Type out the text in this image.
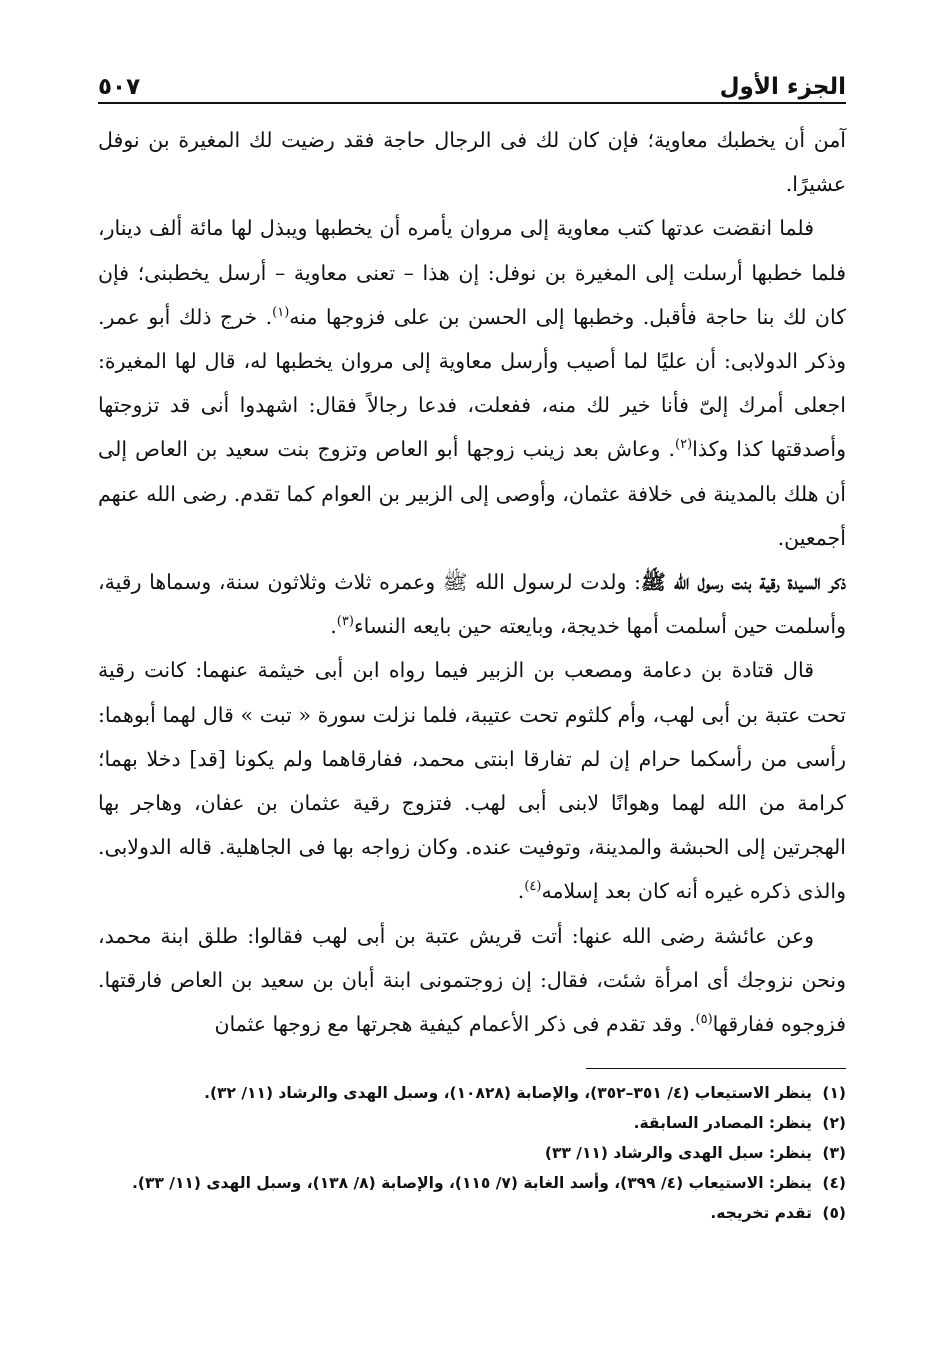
الجزء الأول
٥٠٧

آمن أن يخطبك معاوية؛ فإن كان لك فى الرجال حاجة فقد رضيت لك المغيرة بن نوفل عشيرًا.

فلما انقضت عدتها كتب معاوية إلى مروان يأمره أن يخطبها ويبذل لها مائة ألف دينار، فلما خطبها أرسلت إلى المغيرة بن نوفل: إن هذا – تعنى معاوية – أرسل يخطبنى؛ فإن كان لك بنا حاجة فأقبل. وخطبها إلى الحسن بن على فزوجها منه$^{(١)}$. خرج ذلك أبو عمر. وذكر الدولابى: أن عليًا لما أصيب وأرسل معاوية إلى مروان يخطبها له، قال لها المغيرة: اجعلى أمرك إلىّ فأنا خير لك منه، ففعلت، فدعا رجالاً فقال: اشهدوا أنى قد تزوجتها وأصدقتها كذا وكذا$^{(٢)}$. وعاش بعد زينب زوجها أبو العاص وتزوج بنت سعيد بن العاص إلى أن هلك بالمدينة فى خلافة عثمان، وأوصى إلى الزبير بن العوام كما تقدم. رضى الله عنهم أجمعين.

ذكر السيدة رقية بنت رسول الله ﷺ: ولدت لرسول الله ﷺ وعمره ثلاث وثلاثون سنة، وسماها رقية، وأسلمت حين أسلمت أمها خديجة، وبايعته حين بايعه النساء$^{(٣)}$.

قال قتادة بن دعامة ومصعب بن الزبير فيما رواه ابن أبى خيثمة عنهما: كانت رقية تحت عتبة بن أبى لهب، وأم كلثوم تحت عتيبة، فلما نزلت سورة « تبت » قال لهما أبوهما: رأسى من رأسكما حرام إن لم تفارقا ابنتى محمد، ففارقاهما ولم يكونا [قد] دخلا بهما؛ كرامة من الله لهما وهوانًا لابنى أبى لهب. فتزوج رقية عثمان بن عفان، وهاجر بها الهجرتين إلى الحبشة والمدينة، وتوفيت عنده. وكان زواجه بها فى الجاهلية. قاله الدولابى. والذى ذكره غيره أنه كان بعد إسلامه$^{(٤)}$.

وعن عائشة رضى الله عنها: أتت قريش عتبة بن أبى لهب فقالوا: طلق ابنة محمد، ونحن نزوجك أى امرأة شئت، فقال: إن زوجتمونى ابنة أبان بن سعيد بن العاص فارقتها. فزوجوه ففارقها$^{(٥)}$. وقد تقدم فى ذكر الأعمام كيفية هجرتها مع زوجها عثمان

(١)
ينظر الاستيعاب (٤/ ٣٥١–٣٥٢)، والإصابة (١٠٨٢٨)، وسبل الهدى والرشاد (١١/ ٣٢).

(٢)
ينظر: المصادر السابقة.

(٣)
ينظر: سبل الهدى والرشاد (١١/ ٣٣)

(٤)
ينظر: الاستيعاب (٤/ ٣٩٩)، وأسد الغابة (٧/ ١١٥)، والإصابة (٨/ ١٣٨)، وسبل الهدى (١١/ ٣٣).

(٥)
تقدم تخريجه.
